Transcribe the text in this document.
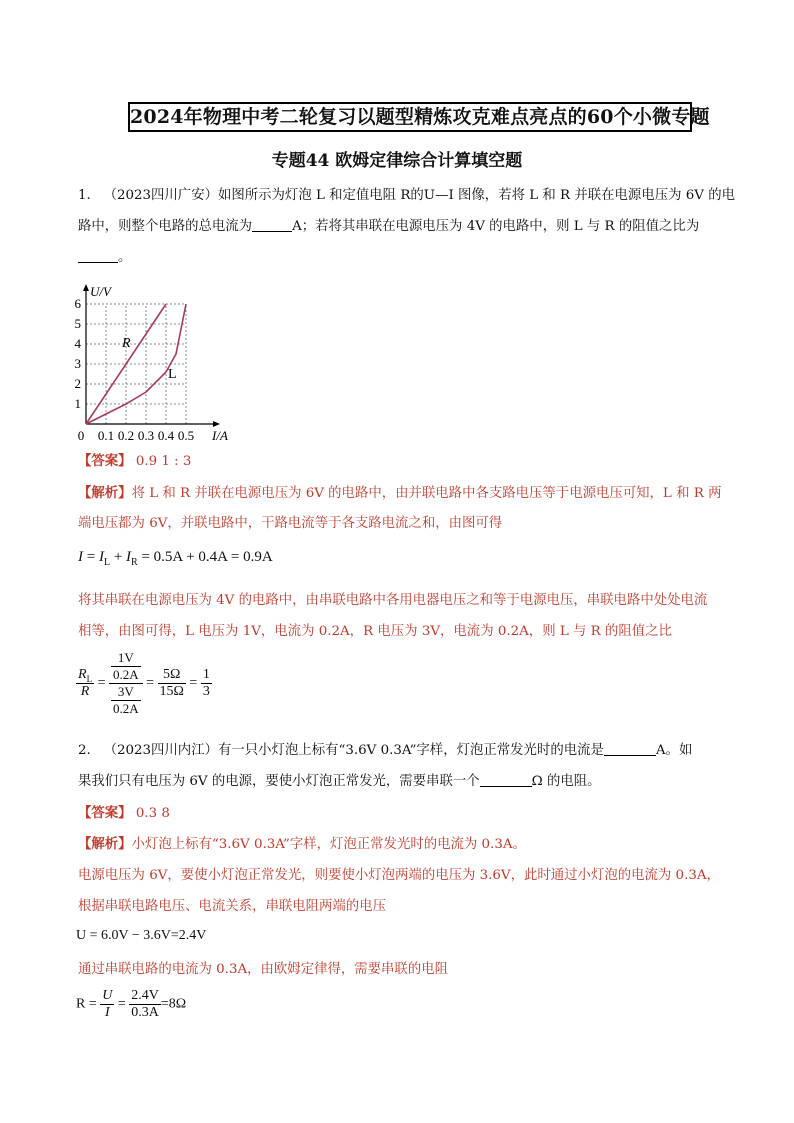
2024年物理中考二轮复习以题型精炼攻克难点亮点的60个小微专题
专题44 欧姆定律综合计算填空题
1. （2023四川广安）如图所示为灯泡 L 和定值电阻 R的U—I 图像，若将 L 和 R 并联在电源电压为 6V 的电
路中，则整个电路的总电流为	A；若将其串联在电源电压为 4V 的电路中，则 L 与 R 的阻值之比为
。
0 0.1 0.2 0.3 0.4 0.5
1
2
3
4
5
6
U/V
I/A
R
L
【答案】 0.9 1 : 3
【解析】将 L 和 R 并联在电源电压为 6V 的电路中，由并联电路中各支路电压等于电源电压可知，L 和 R 两
端电压都为 6V，并联电路中，干路电流等于各支路电流之和，由图可得
$I = I_L + I_R = 0.5A + 0.4A = 0.9A$
将其串联在电源电压为 4V 的电路中，由串联电路中各用电器电压之和等于电源电压，串联电路中处处电流
相等，由图可得，L 电压为 1V，电流为 0.2A，R 电压为 3V，电流为 0.2A，则 L 与 R 的阻值之比
$\frac{R_L}{R} = \frac{\frac{1V}{0.2A}}{\frac{3V}{0.2A}} = \frac{5\Omega}{15\Omega} = \frac{1}{3}$
2. （2023四川内江）有一只小灯泡上标有“3.6V 0.3A”字样，灯泡正常发光时的电流是	A。如
果我们只有电压为 6V 的电源，要使小灯泡正常发光，需要串联一个	Ω 的电阻。
【答案】 0.3 8
【解析】小灯泡上标有“3.6V 0.3A”字样，灯泡正常发光时的电流为 0.3A。
电源电压为 6V，要使小灯泡正常发光，则要使小灯泡两端的电压为 3.6V，此时通过小灯泡的电流为 0.3A，
根据串联电路电压、电流关系，串联电阻两端的电压
U = 6.0V − 3.6V=2.4V
通过串联电路的电流为 0.3A，由欧姆定律得，需要串联的电阻
$R = \frac{U}{I} = \frac{2.4V}{0.3A} =8\Omega$
